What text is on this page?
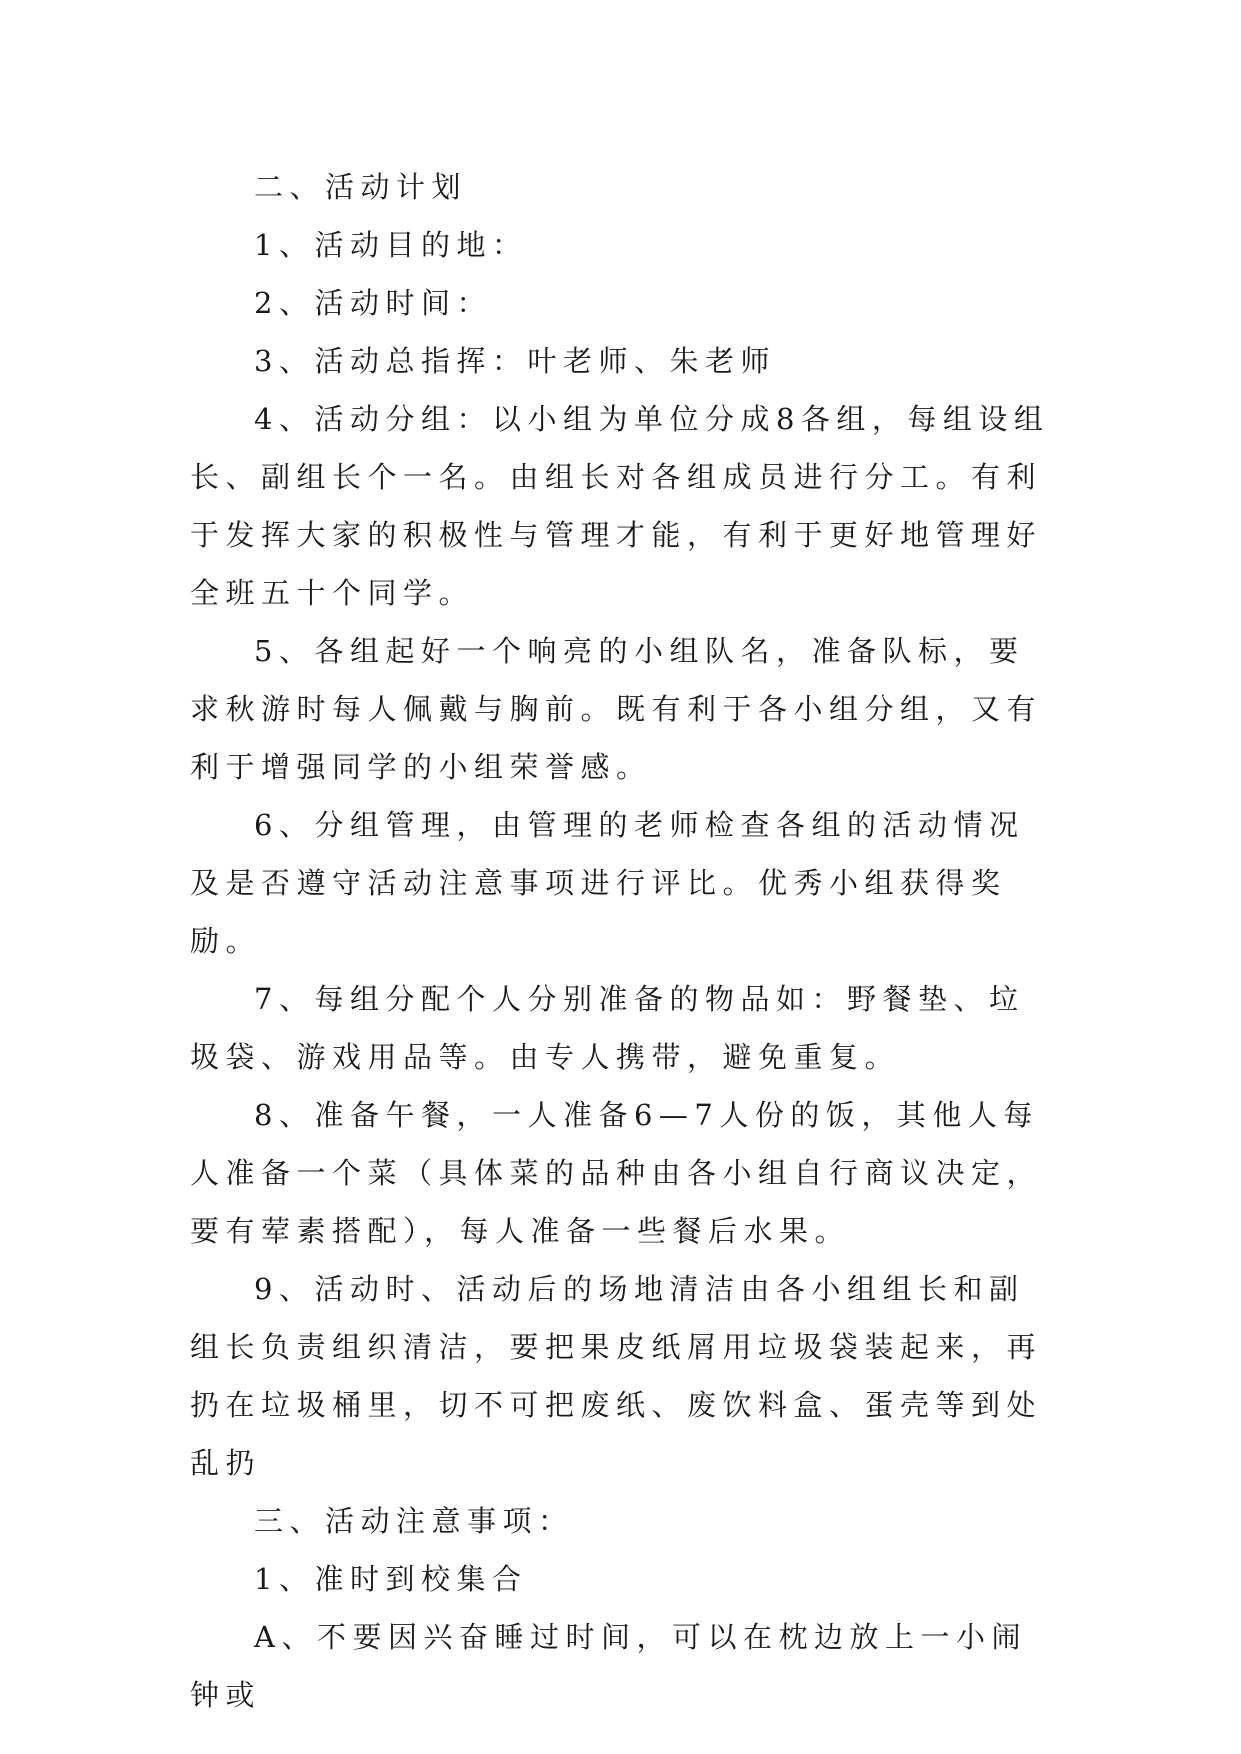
二、活动计划

1、活动目的地：

2、活动时间：

3、活动总指挥：叶老师、朱老师

4、活动分组：以小组为单位分成8各组，每组设组长、副组长个一名。由组长对各组成员进行分工。有利于发挥大家的积极性与管理才能，有利于更好地管理好全班五十个同学。

5、各组起好一个响亮的小组队名，准备队标，要求秋游时每人佩戴与胸前。既有利于各小组分组，又有利于增强同学的小组荣誉感。

6、分组管理，由管理的老师检查各组的活动情况及是否遵守活动注意事项进行评比。优秀小组获得奖励。

7、每组分配个人分别准备的物品如：野餐垫、垃圾袋、游戏用品等。由专人携带，避免重复。

8、准备午餐，一人准备6—7人份的饭，其他人每人准备一个菜（具体菜的品种由各小组自行商议决定，要有荤素搭配），每人准备一些餐后水果。

9、活动时、活动后的场地清洁由各小组组长和副组长负责组织清洁，要把果皮纸屑用垃圾袋装起来，再扔在垃圾桶里，切不可把废纸、废饮料盒、蛋壳等到处乱扔

三、活动注意事项：

1、准时到校集合

A、不要因兴奋睡过时间，可以在枕边放上一小闹钟或
